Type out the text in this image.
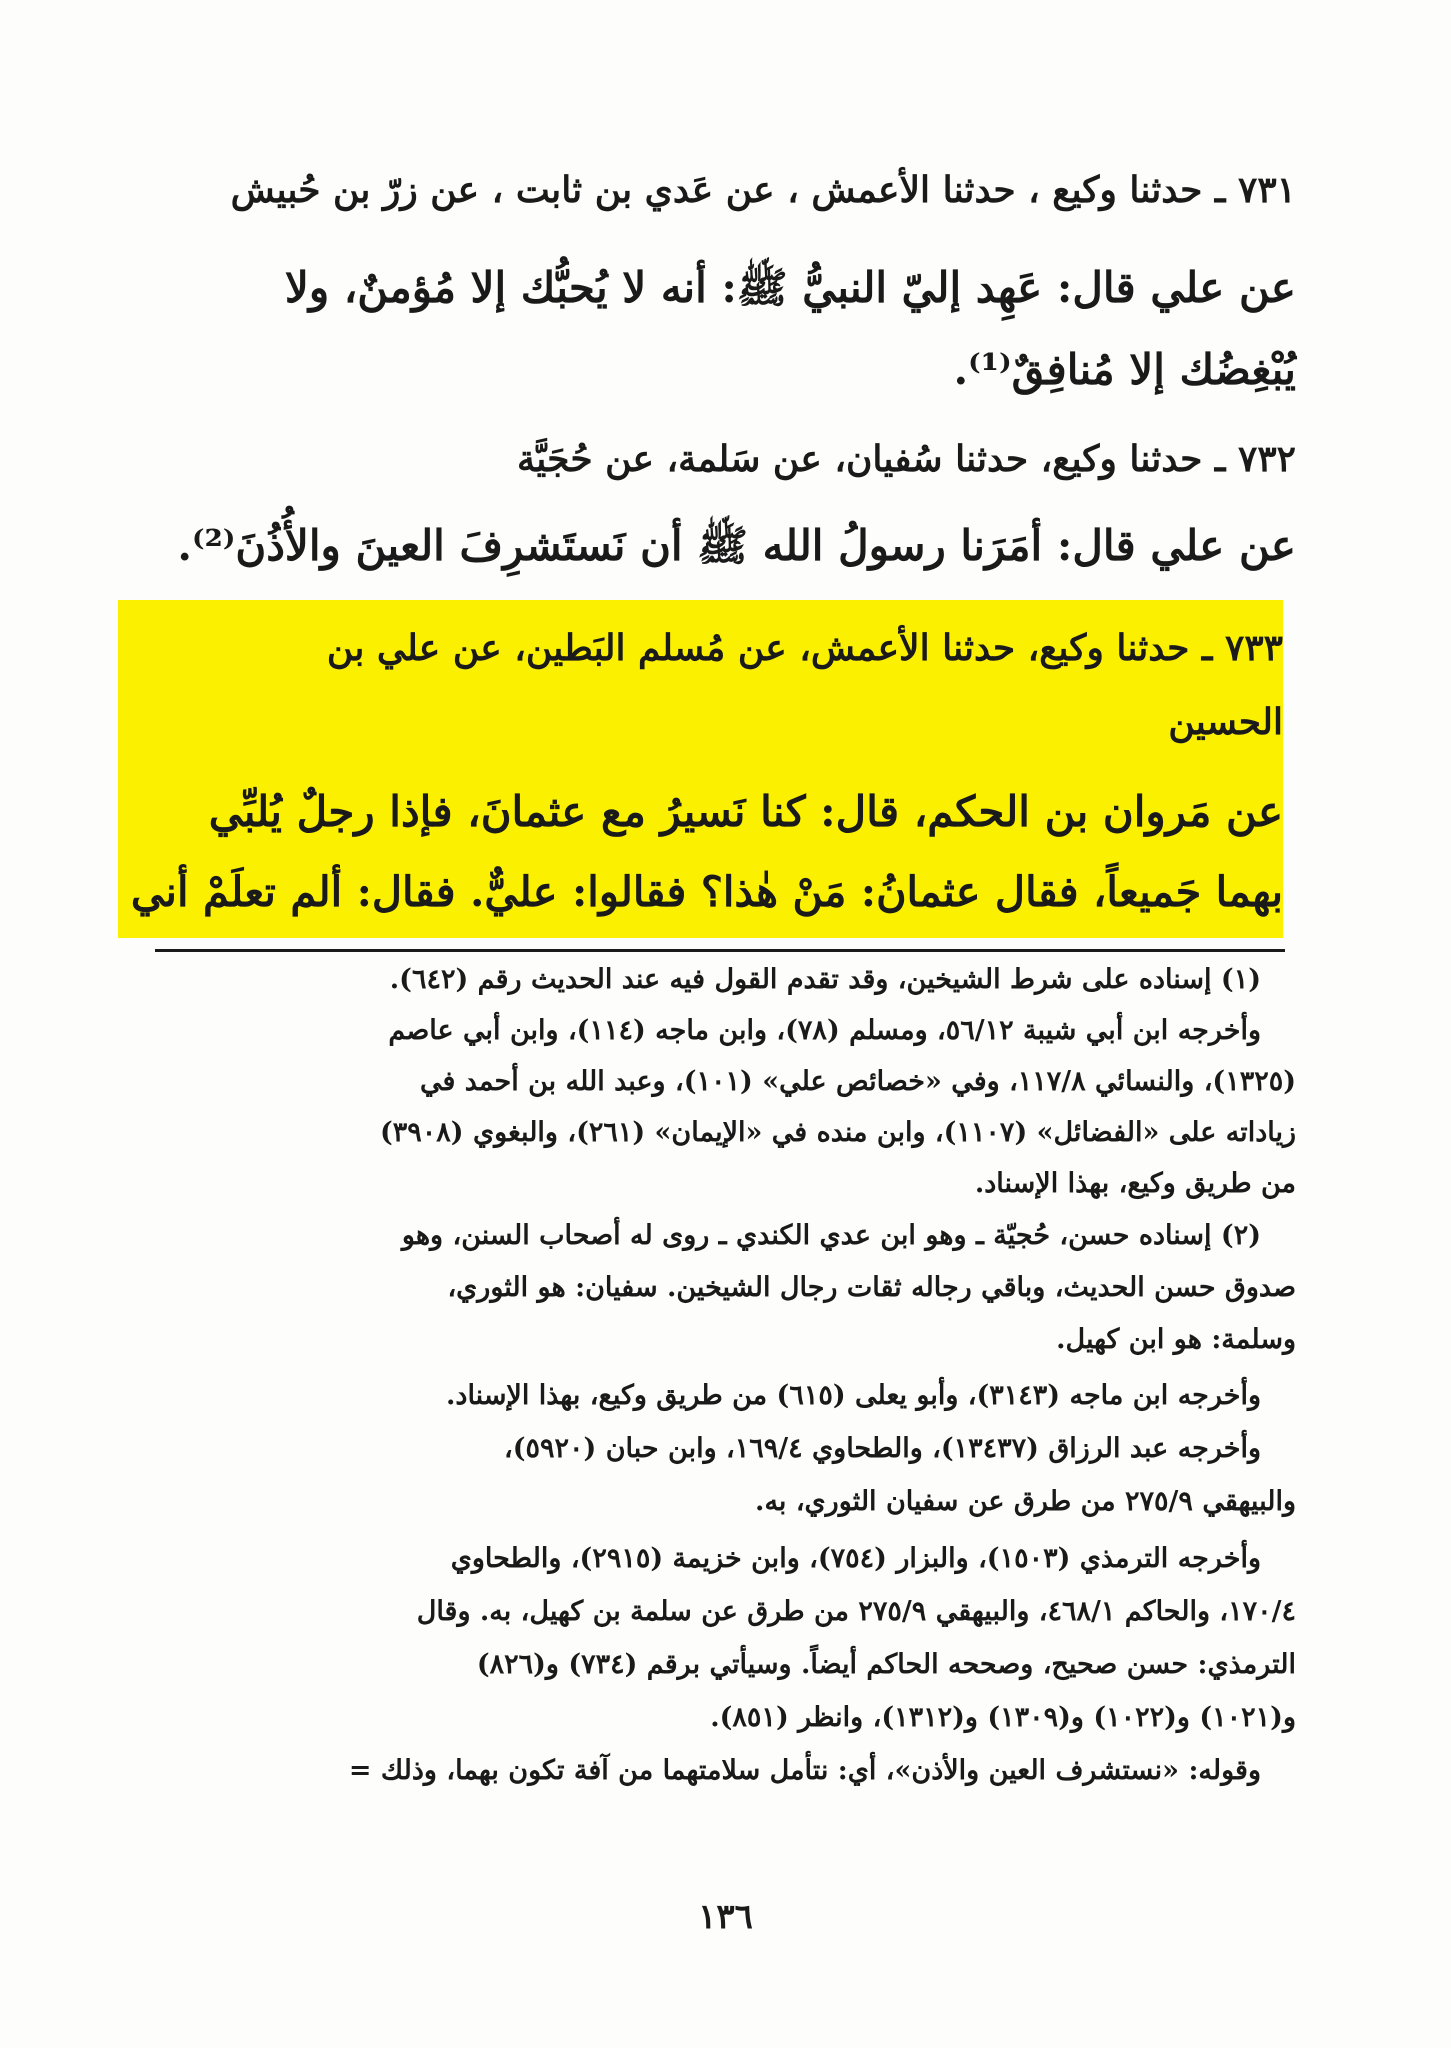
٧٣١ ـ حدثنا وكيع ، حدثنا الأعمش ، عن عَدي بن ثابت ، عن زرّ بن حُبيش
عن علي قال: عَهِد إليّ النبيُّ ﷺ: أنه لا يُحبُّك إلا مُؤمنٌ، ولا
يُبْغِضُك إلا مُنافِقٌ⁽¹⁾.
٧٣٢ ـ حدثنا وكيع، حدثنا سُفيان، عن سَلمة، عن حُجَيَّة
عن علي قال: أمَرَنا رسولُ الله ﷺ أن نَستَشرِفَ العينَ والأُذُنَ⁽²⁾.
٧٣٣ ـ حدثنا وكيع، حدثنا الأعمش، عن مُسلم البَطين، عن علي بن
الحسين
عن مَروان بن الحكم، قال: كنا نَسيرُ مع عثمانَ، فإذا رجلٌ يُلبِّي
بهما جَميعاً، فقال عثمانُ: مَنْ هٰذا؟ فقالوا: عليٌّ. فقال: ألم تعلَمْ أني
(١) إسناده على شرط الشيخين، وقد تقدم القول فيه عند الحديث رقم (٦٤٢).
وأخرجه ابن أبي شيبة ٥٦/١٢، ومسلم (٧٨)، وابن ماجه (١١٤)، وابن أبي عاصم
(١٣٢٥)، والنسائي ١١٧/٨، وفي «خصائص علي» (١٠١)، وعبد الله بن أحمد في
زياداته على «الفضائل» (١١٠٧)، وابن منده في «الإيمان» (٢٦١)، والبغوي (٣٩٠٨)
من طريق وكيع، بهذا الإسناد.
(٢) إسناده حسن، حُجيّة ـ وهو ابن عدي الكندي ـ روى له أصحاب السنن، وهو
صدوق حسن الحديث، وباقي رجاله ثقات رجال الشيخين. سفيان: هو الثوري،
وسلمة: هو ابن كهيل.
وأخرجه ابن ماجه (٣١٤٣)، وأبو يعلى (٦١٥) من طريق وكيع، بهذا الإسناد.
وأخرجه عبد الرزاق (١٣٤٣٧)، والطحاوي ١٦٩/٤، وابن حبان (٥٩٢٠)،
والبيهقي ٢٧٥/٩ من طرق عن سفيان الثوري، به.
وأخرجه الترمذي (١٥٠٣)، والبزار (٧٥٤)، وابن خزيمة (٢٩١٥)، والطحاوي
١٧٠/٤، والحاكم ٤٦٨/١، والبيهقي ٢٧٥/٩ من طرق عن سلمة بن كهيل، به. وقال
الترمذي: حسن صحيح، وصححه الحاكم أيضاً. وسيأتي برقم (٧٣٤) و(٨٢٦)
و(١٠٢١) و(١٠٢٢) و(١٣٠٩) و(١٣١٢)، وانظر (٨٥١).
وقوله: «نستشرف العين والأذن»، أي: نتأمل سلامتهما من آفة تكون بهما، وذلك =
١٣٦
